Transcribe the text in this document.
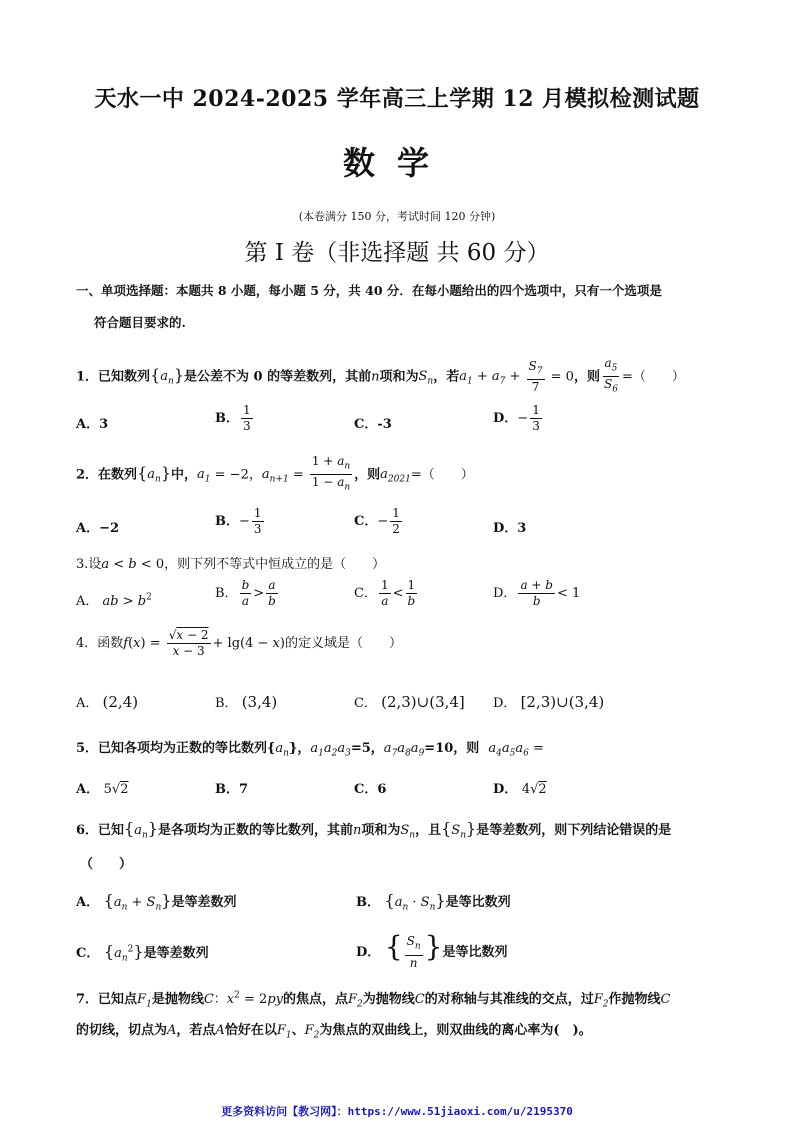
天水一中 2024-2025 学年高三上学期 12 月模拟检测试题
数学
(本卷满分 150 分，考试时间 120 分钟)
第 I 卷（非选择题 共 60 分）
一、单项选择题：本题共 8 小题，每小题 5 分，共 40 分．在每小题给出的四个选项中，只有一个选项是
符合题目要求的.
1．已知数列$\{a_n\}$是公差不为 0 的等差数列，其前n项和为$S_n$，若$a_1 + a_7 + \frac{S_7}{7} = 0$，则 $\frac{a_5}{S_6}$ =（　　）
A．3	B． $\frac{1}{3}$	C．-3	D．− $\frac{1}{3}$
2．在数列$\{a_n\}$中，$a_1 = -2$，$a_{n+1} = \frac{1 + a_n}{1 - a_n}$ ，则$a_{2021}=$（　　）
A．−2	B．− $\frac{1}{3}$	C．− $\frac{1}{2}$	D．3
3.设a < b < 0，则下列不等式中恒成立的是（　　）
A． ab > $b^2$	B． $\frac{b}{a} > \frac{a}{b}$	C． $\frac{1}{a} < \frac{1}{b}$	D． $\frac{a + b}{b} < 1$
4．函数$f(x) = \frac{√x - 2}{x - 3} + \lg(4 - x)$的定义域是（　　）
A． (2,4)	B． (3,4)	C． (2,3)∪(3,4] D． [2,3)∪(3,4)
5．已知各项均为正数的等比数列$\{a_n\}$，$a_1a_2a_3=5$，$a_7a_8a_9=10$，则 $a_4a_5a_6$ =
A． 5√2	B．7	C．6	D． 4√2
6．已知$\{a_n\}$是各项均为正数的等比数列，其前n项和为$S_n$，且$\{S_n\}$是等差数列，则下列结论错误的是
（　　）
A． $\{a_n + S_n\}$是等差数列	B． $\{a_n \cdot S_n\}$是等比数列
C． $\{a_n^2\}$是等差数列	D． { $\frac{S_n}{n}$ }是等比数列
7．已知点$F_1$是抛物线C：$x^2 = 2py$的焦点，点$F_2$为抛物线C的对称轴与其准线的交点，过$F_2$作抛物线C
的切线，切点为A，若点A恰好在以$F_1$、$F_2$为焦点的双曲线上，则双曲线的离心率为(　)。
更多资料访问【教习网】：https://www.51jiaoxi.com/u/2195370
